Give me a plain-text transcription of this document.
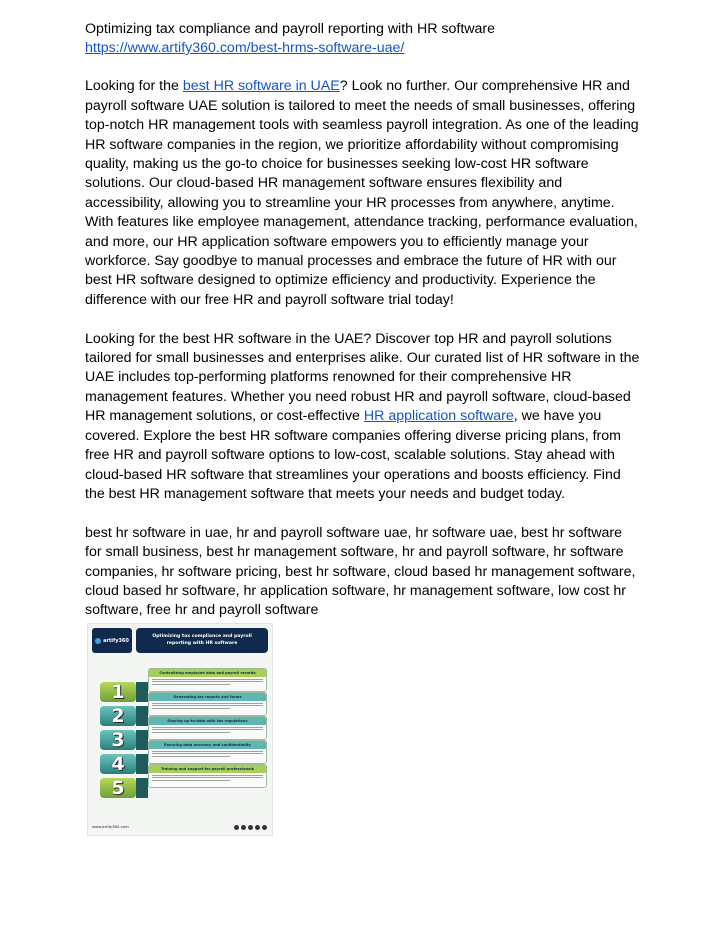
Optimizing tax compliance and payroll reporting with HR software
https://www.artify360.com/best-hrms-software-uae/

Looking for the best HR software in UAE? Look no further. Our comprehensive HR and payroll software UAE solution is tailored to meet the needs of small businesses, offering top-notch HR management tools with seamless payroll integration. As one of the leading HR software companies in the region, we prioritize affordability without compromising quality, making us the go-to choice for businesses seeking low-cost HR software solutions. Our cloud-based HR management software ensures flexibility and accessibility, allowing you to streamline your HR processes from anywhere, anytime. With features like employee management, attendance tracking, performance evaluation, and more, our HR application software empowers you to efficiently manage your workforce. Say goodbye to manual processes and embrace the future of HR with our best HR software designed to optimize efficiency and productivity. Experience the difference with our free HR and payroll software trial today!

Looking for the best HR software in the UAE? Discover top HR and payroll solutions tailored for small businesses and enterprises alike. Our curated list of HR software in the UAE includes top-performing platforms renowned for their comprehensive HR management features. Whether you need robust HR and payroll software, cloud-based HR management solutions, or cost-effective HR application software, we have you covered. Explore the best HR software companies offering diverse pricing plans, from free HR and payroll software options to low-cost, scalable solutions. Stay ahead with cloud-based HR software that streamlines your operations and boosts efficiency. Find the best HR management software that meets your needs and budget today.

best hr software in uae, hr and payroll software uae, hr software uae, best hr software for small business, best hr management software, hr and payroll software, hr software companies, hr software pricing, best hr software, cloud based hr management software, cloud based hr software, hr application software, hr management software, low cost hr software, free hr and payroll software

artify360
Optimizing tax compliance and payroll reporting with HR software
1
Centralizing employee data and payroll records
2
Generating tax reports and forms
3
Staying up-to-date with tax regulations
4
Ensuring data accuracy and confidentiality
5
Training and support for payroll professionals
www.artify360.com
